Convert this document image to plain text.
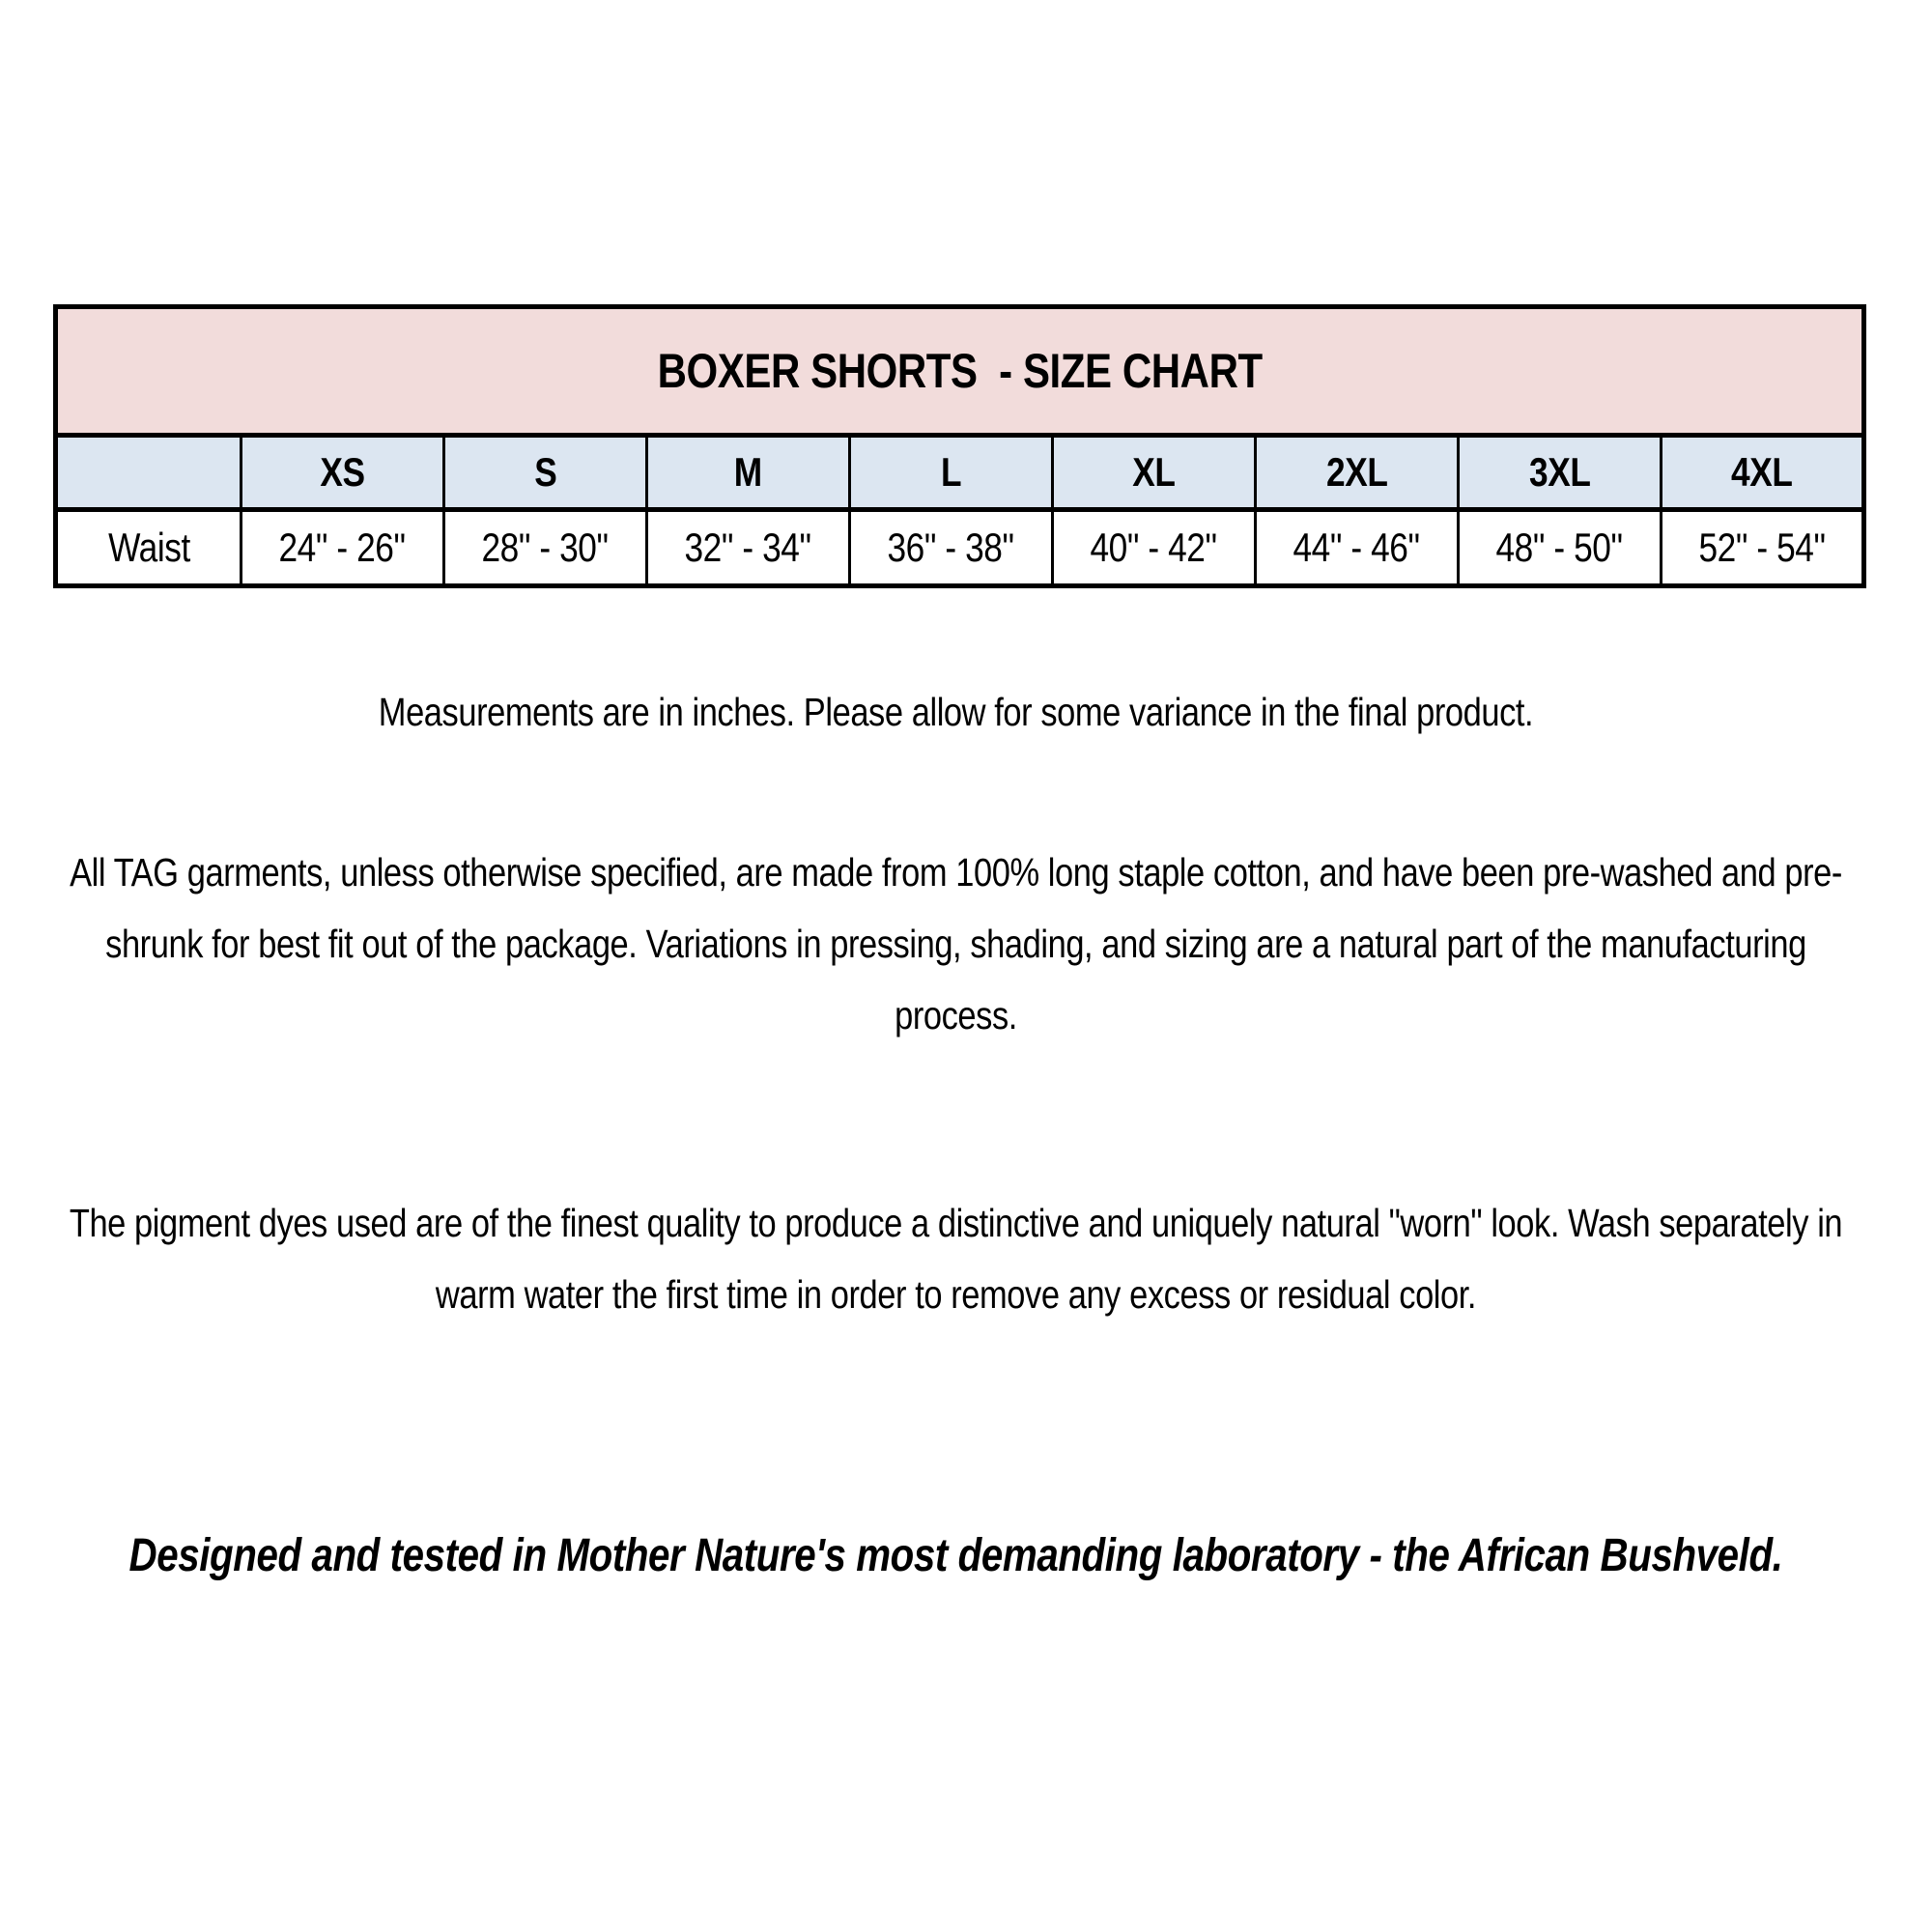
BOXER SHORTS  - SIZE CHART								
	XS	S	M	L	XL	2XL	3XL	4XL
Waist	24" - 26"	28" - 30"	32" - 34"	36" - 38"	40" - 42"	44" - 46"	48" - 50"	52" - 54"
Measurements are in inches. Please allow for some variance in the final product.
All TAG garments, unless otherwise specified, are made from 100% long staple cotton, and have been pre-washed and pre-shrunk for best fit out of the package. Variations in pressing, shading, and sizing are a natural part of the manufacturing process.
The pigment dyes used are of the finest quality to produce a distinctive and uniquely natural "worn" look. Wash separately in warm water the first time in order to remove any excess or residual color.
Designed and tested in Mother Nature's most demanding laboratory - the African Bushveld.
